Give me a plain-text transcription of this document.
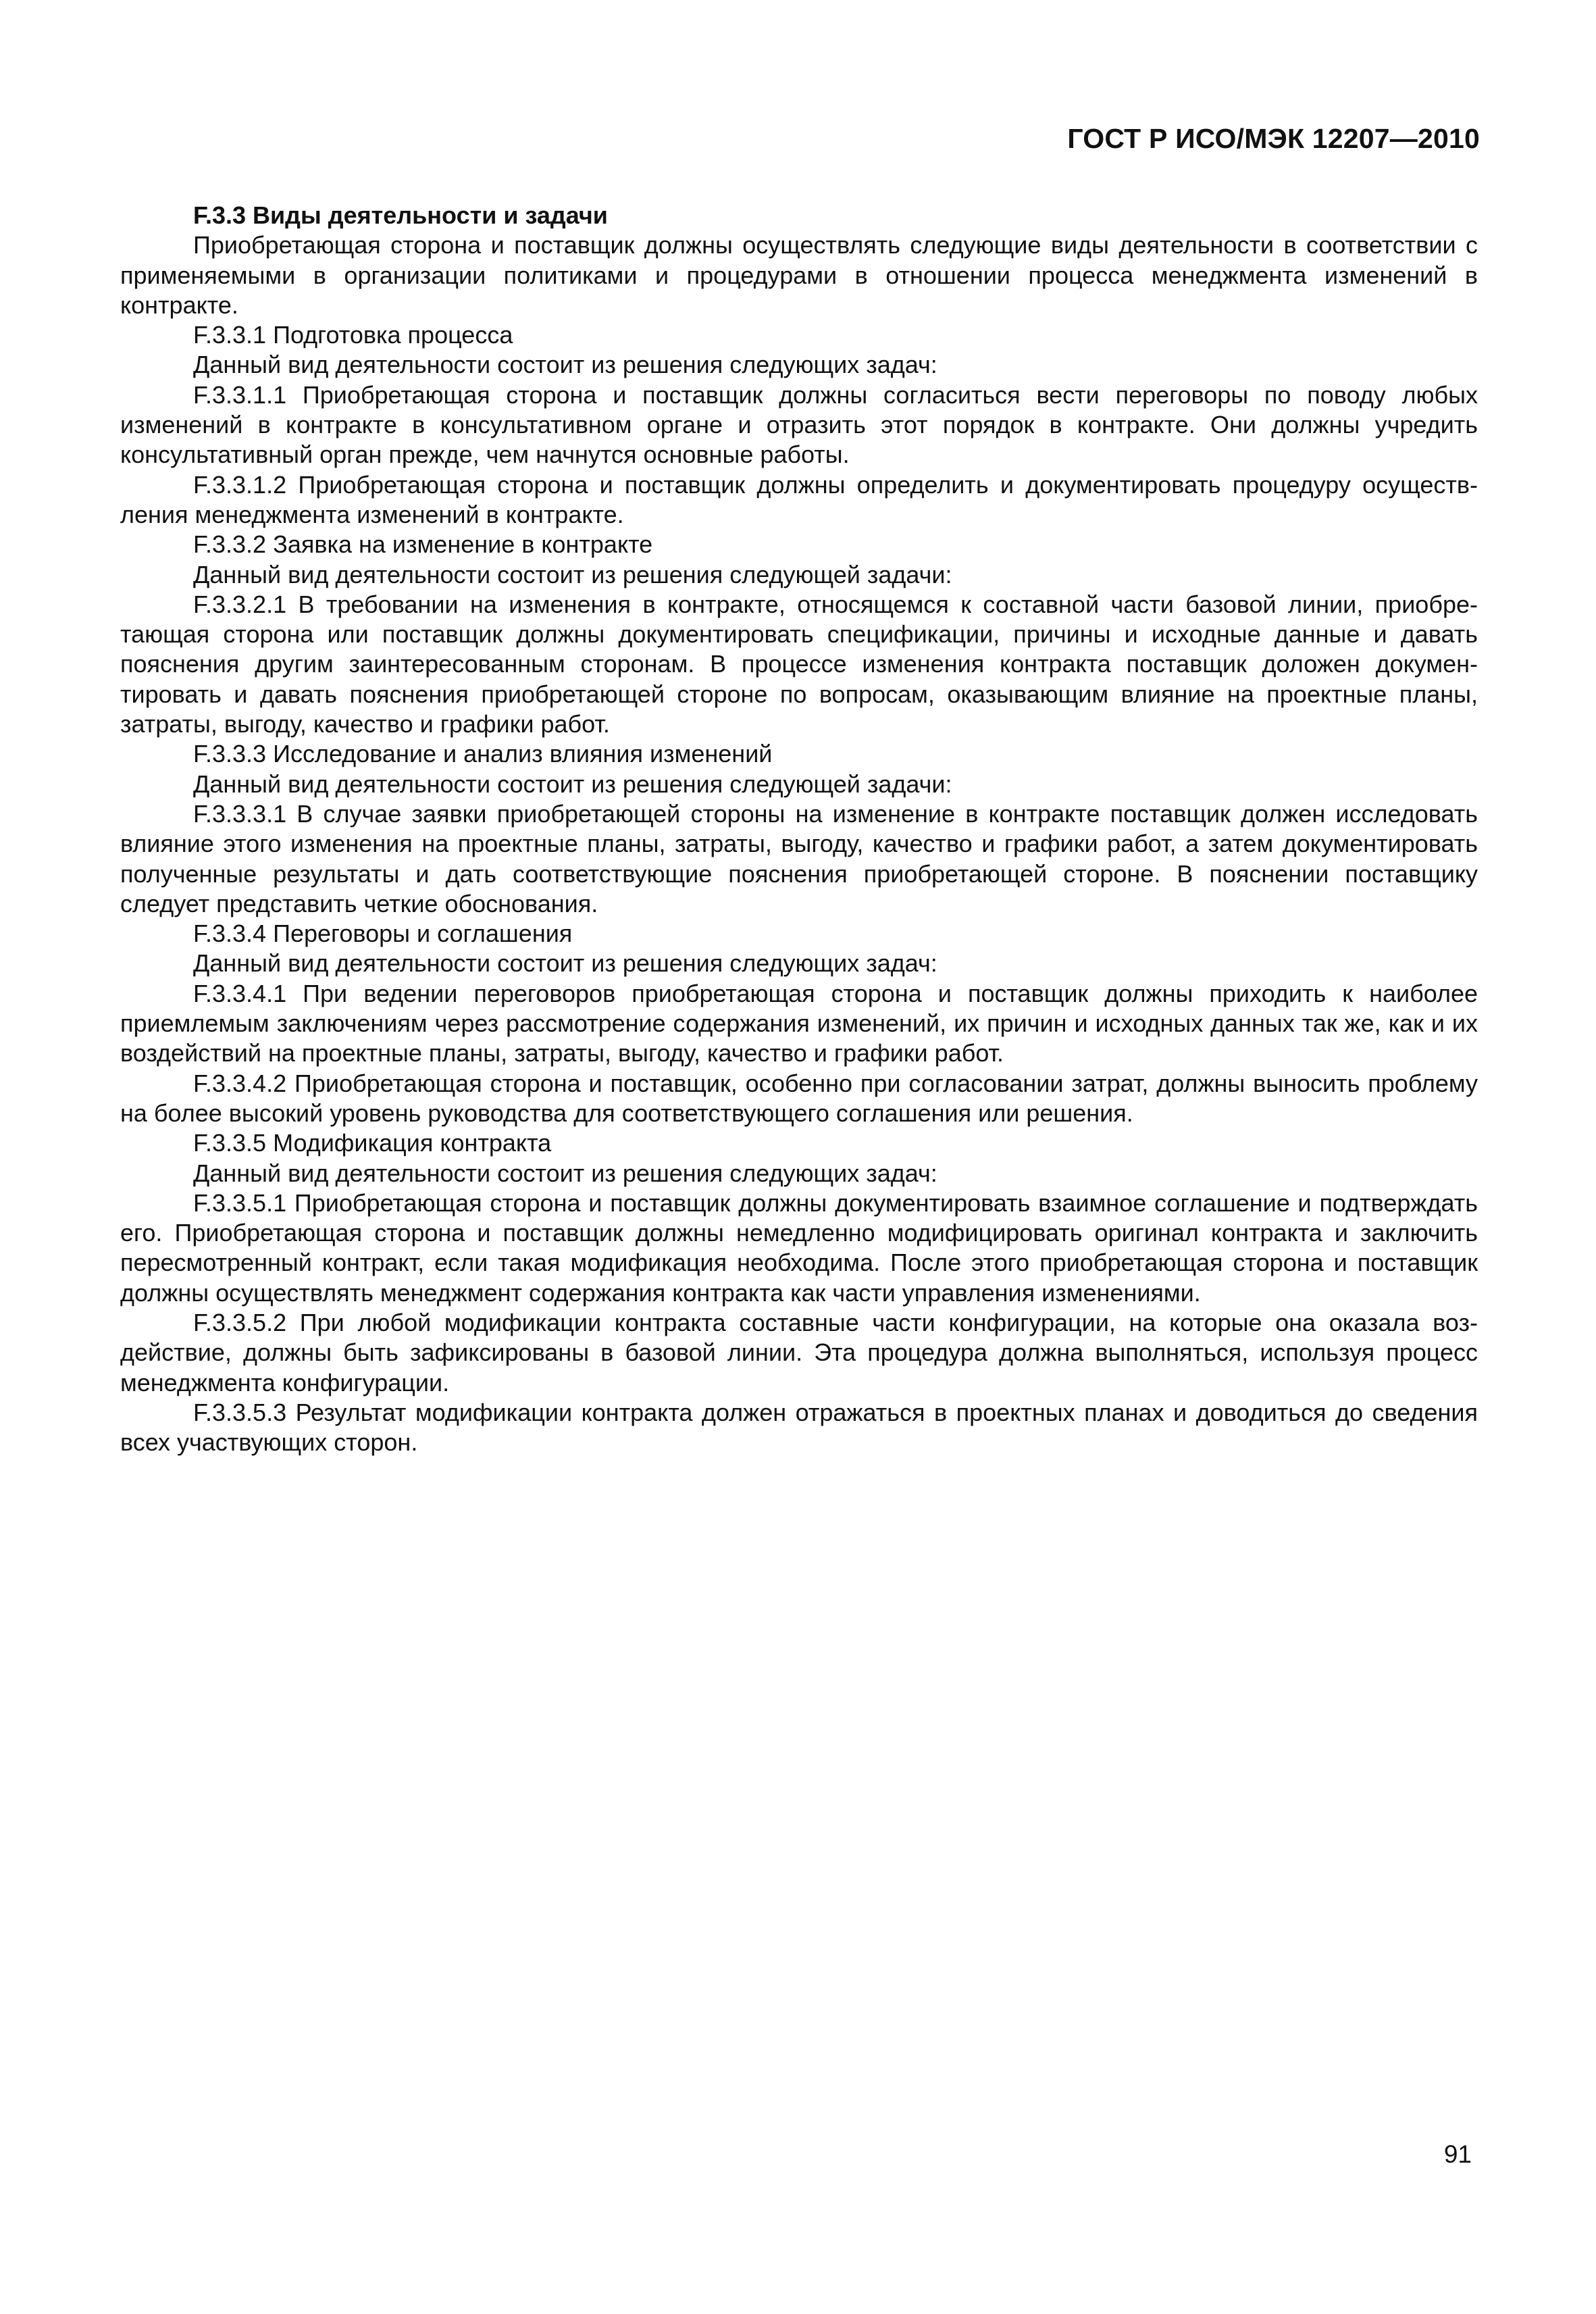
ГОСТ Р ИСО/МЭК 12207—2010

F.3.3 Виды деятельности и задачи

Приобретающая сторона и поставщик должны осуществлять следующие виды деятельности в соответствии с применяемыми в организации политиками и процедурами в отношении процесса менеджмента изменений в контракте.

F.3.3.1 Подготовка процесса

Данный вид деятельности состоит из решения следующих задач:

F.3.3.1.1 Приобретающая сторона и поставщик должны согласиться вести переговоры по поводу любых изменений в контракте в консультативном органе и отразить этот порядок в контракте. Они должны учредить консультативный орган прежде, чем начнутся основные работы.

F.3.3.1.2 Приобретающая сторона и поставщик должны определить и документировать процедуру осуществления менеджмента изменений в контракте.

F.3.3.2 Заявка на изменение в контракте

Данный вид деятельности состоит из решения следующей задачи:

F.3.3.2.1 В требовании на изменения в контракте, относящемся к составной части базовой линии, приобретающая сторона или поставщик должны документировать спецификации, причины и исходные данные и давать пояснения другим заинтересованным сторонам. В процессе изменения контракта поставщик доложен документировать и давать пояснения приобретающей стороне по вопросам, оказывающим влияние на проектные планы, затраты, выгоду, качество и графики работ.

F.3.3.3 Исследование и анализ влияния изменений

Данный вид деятельности состоит из решения следующей задачи:

F.3.3.3.1 В случае заявки приобретающей стороны на изменение в контракте поставщик должен исследовать влияние этого изменения на проектные планы, затраты, выгоду, качество и графики работ, а затем документировать полученные результаты и дать соответствующие пояснения приобретающей стороне. В пояснении поставщику следует представить четкие обоснования.

F.3.3.4 Переговоры и соглашения

Данный вид деятельности состоит из решения следующих задач:

F.3.3.4.1 При ведении переговоров приобретающая сторона и поставщик должны приходить к наиболее приемлемым заключениям через рассмотрение содержания изменений, их причин и исходных данных так же, как и их воздействий на проектные планы, затраты, выгоду, качество и графики работ.

F.3.3.4.2 Приобретающая сторона и поставщик, особенно при согласовании затрат, должны выносить проблему на более высокий уровень руководства для соответствующего соглашения или решения.

F.3.3.5 Модификация контракта

Данный вид деятельности состоит из решения следующих задач:

F.3.3.5.1 Приобретающая сторона и поставщик должны документировать взаимное соглашение и подтверждать его. Приобретающая сторона и поставщик должны немедленно модифицировать оригинал контракта и заключить пересмотренный контракт, если такая модификация необходима. После этого приобретающая сторона и поставщик должны осуществлять менеджмент содержания контракта как части управления изменениями.

F.3.3.5.2 При любой модификации контракта составные части конфигурации, на которые она оказала воздействие, должны быть зафиксированы в базовой линии. Эта процедура должна выполняться, используя процесс менеджмента конфигурации.

F.3.3.5.3 Результат модификации контракта должен отражаться в проектных планах и доводиться до сведения всех участвующих сторон.

91
